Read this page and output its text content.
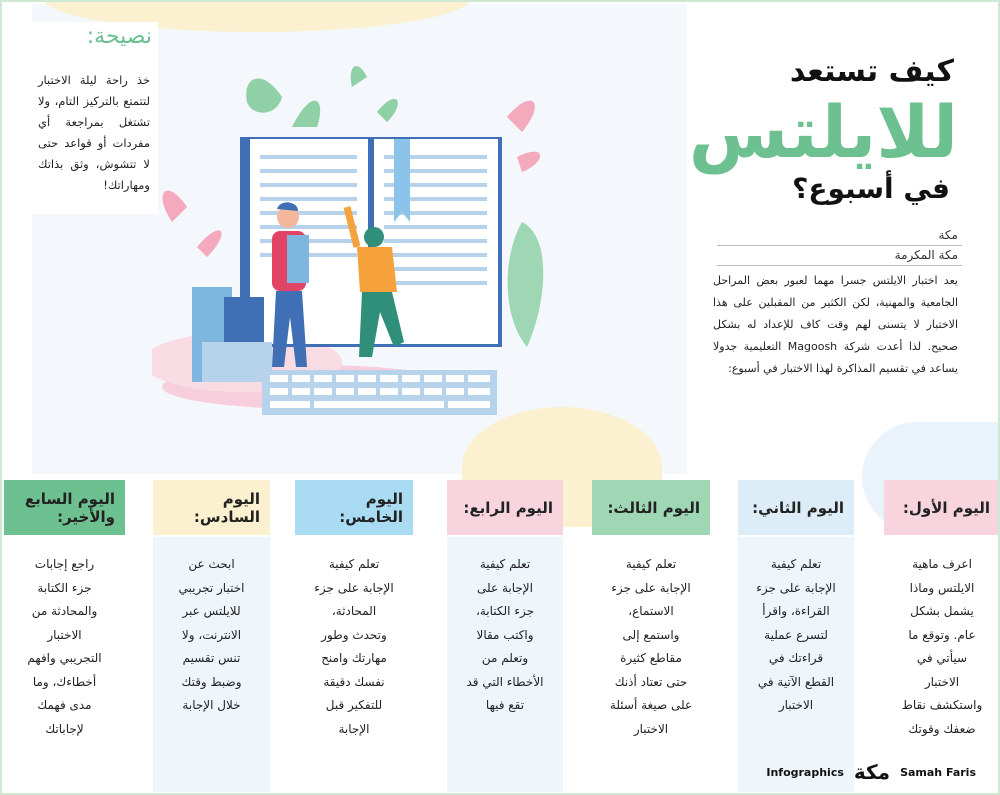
نصيحة:
خذ راحة ليلة الاختبار لتتمتع بالتركيز التام، ولا تشتغل بمراجعة أي مفردات أو قواعد حتى لا تتشوش، وثق بذاتك ومهاراتك!
كيف تستعد
للايلتس
في أسبوع؟
مكة
مكة المكرمة
يعد اختبار الايلتس جسرا مهما لعبور بعض المراحل الجامعية والمهنية، لكن الكثير من المقبلين على هذا الاختبار لا يتسنى لهم وقت كاف للإعداد له بشكل صحيح. لذا أعدت شركة Magoosh التعليمية جدولا يساعد في تقسيم المذاكرة لهذا الاختبار في أسبوع:
اليوم الأول:
اعرف ماهية
الايلتس وماذا
يشمل بشكل
عام. وتوقع ما
سيأتي في
الاختبار
واستكشف نقاط
ضعفك وقوتك
اليوم الثاني:
تعلم كيفية
الإجابة على جزء
القراءة، واقرأ
لتسرع عملية
قراءتك في
القطع الآتية في
الاختبار
اليوم الثالث:
تعلم كيفية
الإجابة على جزء
الاستماع،
واستمع إلى
مقاطع كثيرة
حتى تعتاد أذنك
على صيغة أسئلة
الاختبار
اليوم الرابع:
تعلم كيفية
الإجابة على
جزء الكتابة،
واكتب مقالا
وتعلم من
الأخطاء التي قد
تقع فيها
اليوم الخامس:
تعلم كيفية
الإجابة على جزء
المحادثة،
وتحدث وطور
مهارتك وامنح
نفسك دقيقة
للتفكير قبل
الإجابة
اليوم السادس:
ابحث عن
اختبار تجريبي
للايلتس عبر
الانترنت، ولا
تنس تقسيم
وضبط وقتك
خلال الإجابة
اليوم السابع والأخير:
راجع إجابات
جزء الكتابة
والمحادثة من
الاختبار
التجريبي وافهم
أخطاءك، وما
مدى فهمك
لإجاباتك
Infographics مكة Samah Faris
